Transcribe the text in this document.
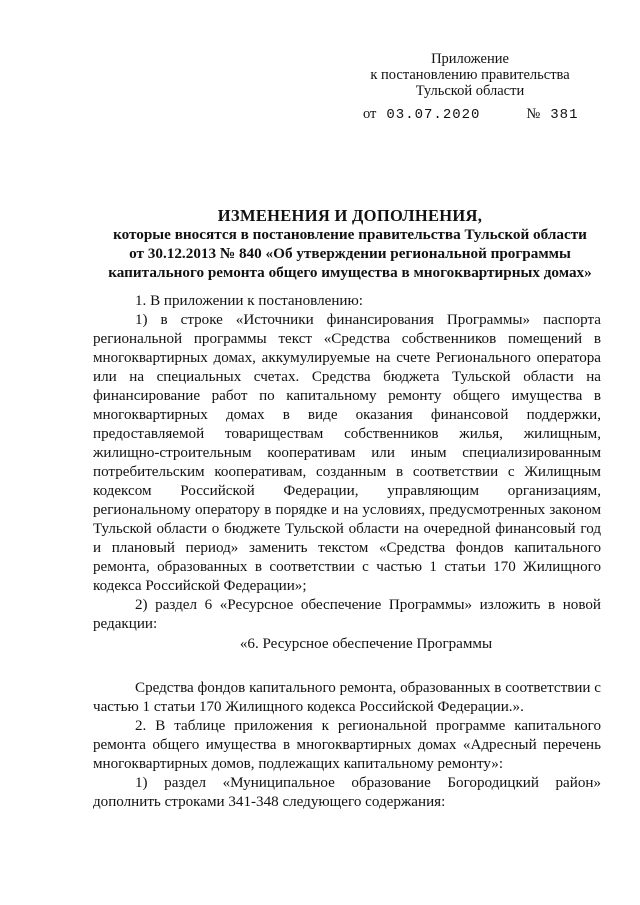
Приложение
к постановлению правительства
Тульской области
от 03.07.2020	№ 381
ИЗМЕНЕНИЯ И ДОПОЛНЕНИЯ,
которые вносятся в постановление правительства Тульской области
от 30.12.2013 № 840 «Об утверждении региональной программы
капитального ремонта общего имущества в многоквартирных домах»

1. В приложении к постановлению:

1) в строке «Источники финансирования Программы» паспорта региональной программы текст «Средства собственников помещений в многоквартирных домах, аккумулируемые на счете Регионального оператора или на специальных счетах. Средства бюджета Тульской области на финансирование работ по капитальному ремонту общего имущества в многоквартирных домах в виде оказания финансовой поддержки, предоставляемой товариществам собственников жилья, жилищным, жилищно-строительным кооперативам или иным специализированным потребительским кооперативам, созданным в соответствии с Жилищным кодексом Российской Федерации, управляющим организациям, региональному оператору в порядке и на условиях, предусмотренных законом Тульской области о бюджете Тульской области на очередной финансовый год и плановый период» заменить текстом «Средства фондов капитального ремонта, образованных в соответствии с частью 1 статьи 170 Жилищного кодекса Российской Федерации»;

2) раздел 6 «Ресурсное обеспечение Программы» изложить в новой редакции:

«6. Ресурсное обеспечение Программы

Средства фондов капитального ремонта, образованных в соответствии с частью 1 статьи 170 Жилищного кодекса Российской Федерации.».

2. В таблице приложения к региональной программе капитального ремонта общего имущества в многоквартирных домах «Адресный перечень многоквартирных домов, подлежащих капитальному ремонту»:

1) раздел «Муниципальное образование Богородицкий район» дополнить строками 341-348 следующего содержания:
